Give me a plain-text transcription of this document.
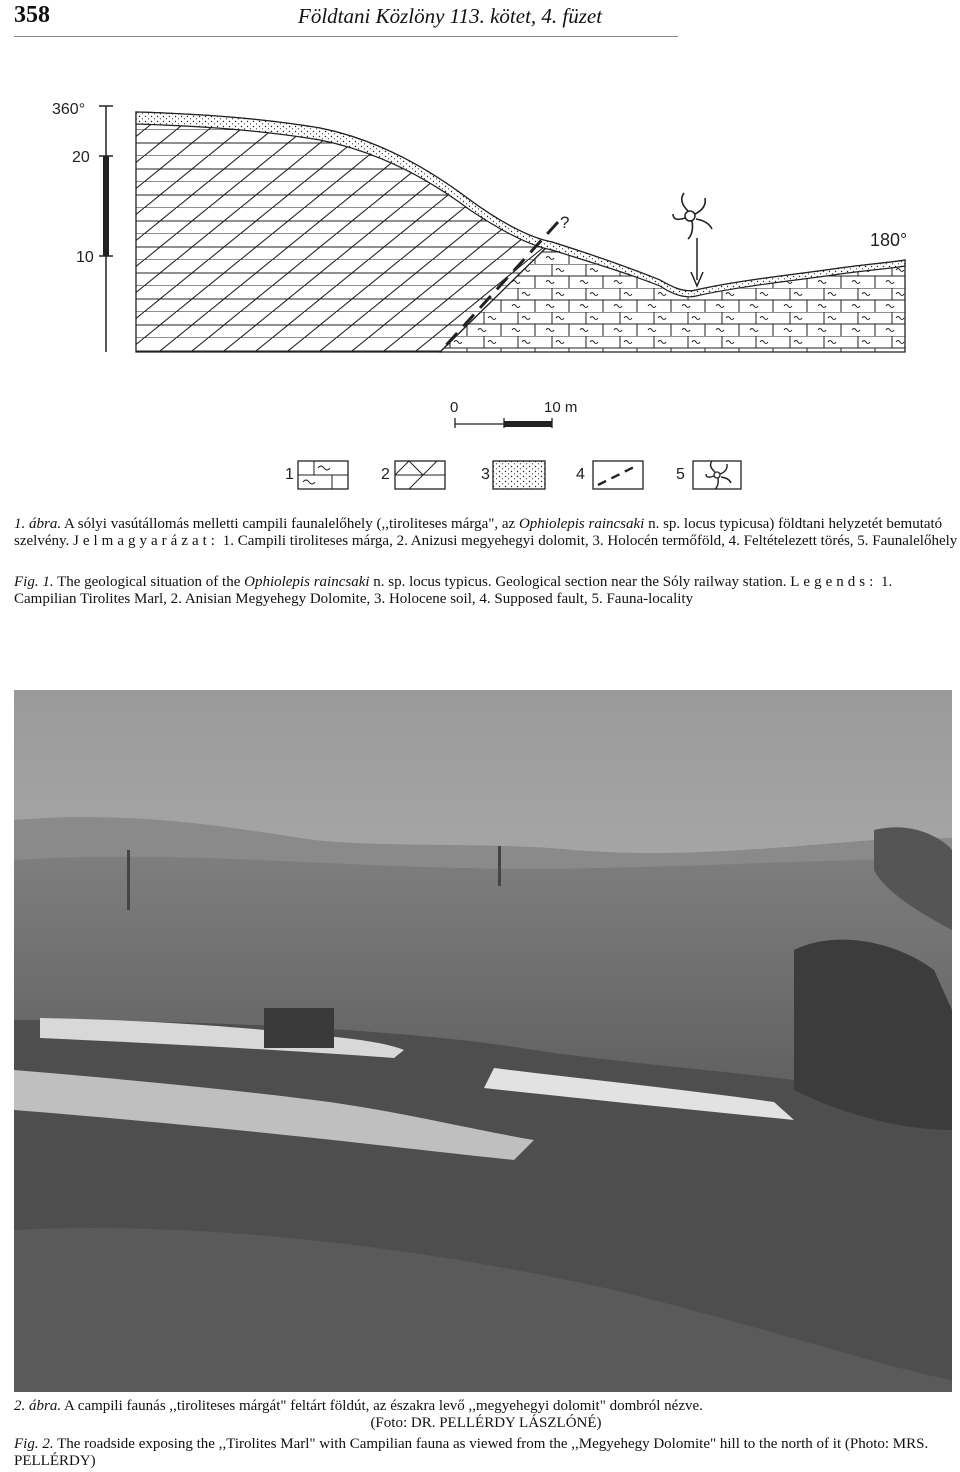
358	Földtani Közlöny 113. kötet, 4. füzet
360°
20
10
?
180°
0	10 m
1	2	3	4	5
1. ábra. A sólyi vasútállomás melletti campili faunalelőhely (,,tiroliteses márga", az Ophiolepis raincsaki n. sp. locus typicusa) földtani helyzetét bemutató szelvény. Jelmagyarázat: 1. Campili tiroliteses márga, 2. Anizusi megyehegyi dolomit, 3. Holocén termőföld, 4. Feltételezett törés, 5. Faunalelőhely
Fig. 1. The geological situation of the Ophiolepis raincsaki n. sp. locus typicus. Geological section near the Sóly railway station. Legends: 1. Campilian Tirolites Marl, 2. Anisian Megyehegy Dolomite, 3. Holocene soil, 4. Supposed fault, 5. Fauna-locality
2. ábra. A campili faunás ,,tiroliteses márgát" feltárt földút, az északra levő ,,megyehegyi dolomit" dombról nézve.
(Foto: DR. PELLÉRDY LÁSZLÓNÉ)
Fig. 2. The roadside exposing the ,,Tirolites Marl" with Campilian fauna as viewed from the ,,Megyehegy Dolomite" hill to the north of it (Photo: MRS. PELLÉRDY)
